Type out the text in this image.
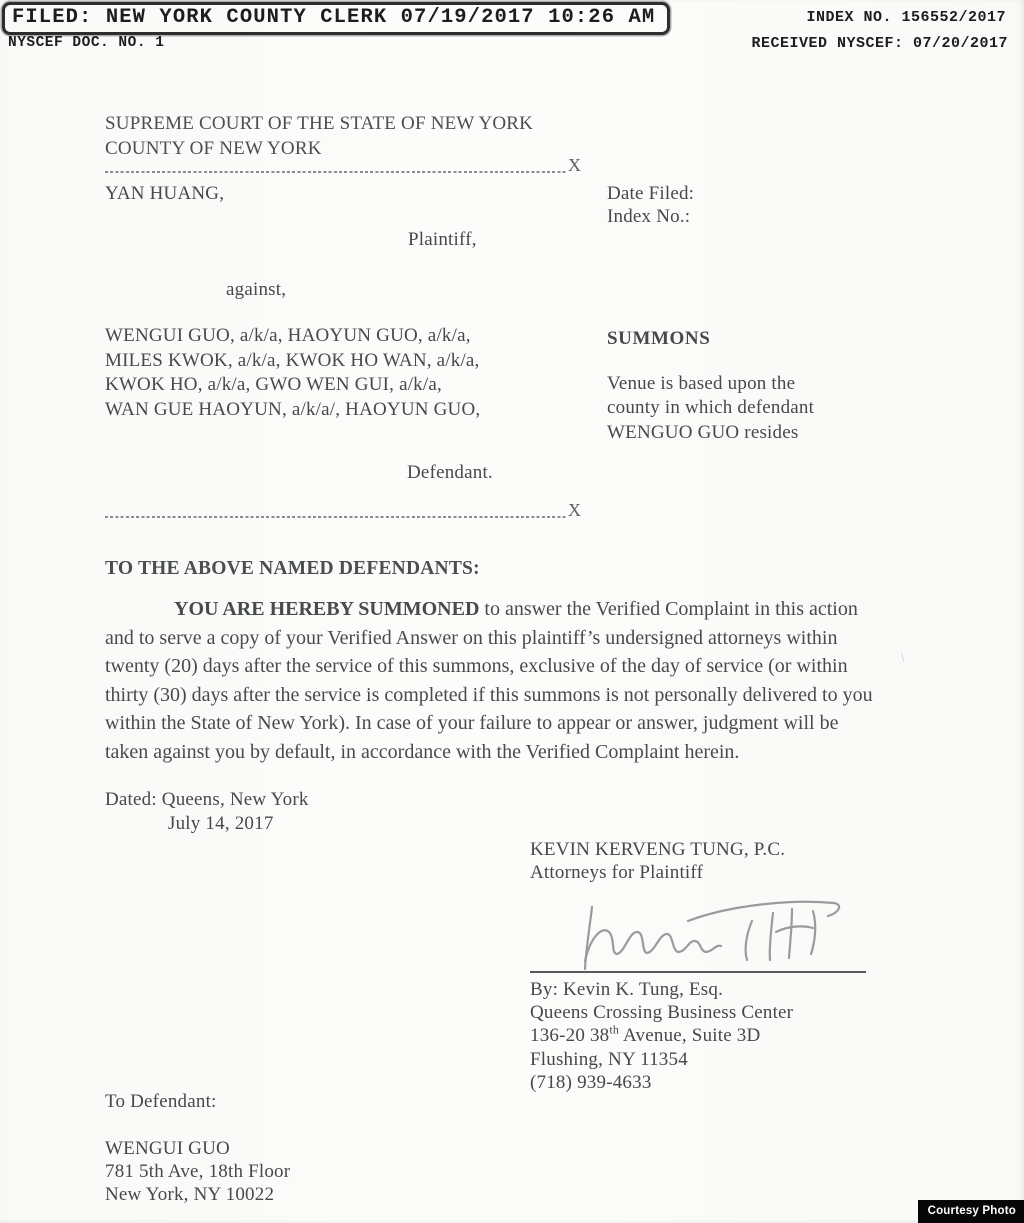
FILED: NEW YORK COUNTY CLERK 07/19/2017 10:26 AM	INDEX NO. 156552/2017
NYSCEF DOC. NO. 1	RECEIVED NYSCEF: 07/20/2017
SUPREME COURT OF THE STATE OF NEW YORK
COUNTY OF NEW YORK
X
YAN HUANG,	Date Filed:
Index No.:
Plaintiff,
against,
WENGUI GUO, a/k/a, HAOYUN GUO, a/k/a,
MILES KWOK, a/k/a, KWOK HO WAN, a/k/a,
KWOK HO, a/k/a, GWO WEN GUI, a/k/a,
WAN GUE HAOYUN, a/k/a/, HAOYUN GUO,
SUMMONS
Venue is based upon the
county in which defendant
WENGUO GUO resides
Defendant.
X
TO THE ABOVE NAMED DEFENDANTS:
YOU ARE HEREBY SUMMONED to answer the Verified Complaint in this action
and to serve a copy of your Verified Answer on this plaintiff’s undersigned attorneys within
twenty (20) days after the service of this summons, exclusive of the day of service (or within
thirty (30) days after the service is completed if this summons is not personally delivered to you
within the State of New York). In case of your failure to appear or answer, judgment will be
taken against you by default, in accordance with the Verified Complaint herein.
\
Dated: Queens, New York
July 14, 2017
KEVIN KERVENG TUNG, P.C.
Attorneys for Plaintiff
By: Kevin K. Tung, Esq.
Queens Crossing Business Center
136-20 38th Avenue, Suite 3D
Flushing, NY 11354
(718) 939-4633
To Defendant:
WENGUI GUO
781 5th Ave, 18th Floor
New York, NY 10022
Courtesy Photo
